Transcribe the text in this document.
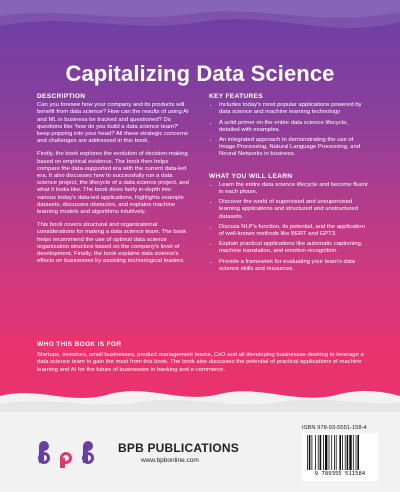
Capitalizing Data Science
DESCRIPTION

Can you foresee how your company and its products will benefit from data science? How can the results of using AI and ML in business be tracked and questioned? Do questions like 'how do you build a data science team?' keep popping into your head? All these strategic concerns and challenges are addressed in this book.

Firstly, the book explores the evolution of decision-making based on empirical evidence. The book then helps compare the data-supported era with the current data-led era. It also discusses how to successfully run a data science project, the lifecycle of a data science project, and what it looks like. The book dives fairly in-depth into various today's data-led applications, highlights example datasets, discusses obstacles, and explains machine learning models and algorithms intuitively.

This book covers structural and organizational considerations for making a data science team. The book helps recommend the use of optimal data science organization structure based on the company's level of development. Finally, the book explains data science's effects on businesses by assisting technological leaders.

KEY FEATURES
• Includes today's most popular applications powered by data science and machine learning technology
• A solid primer on the entire data science lifecycle, detailed with examples.
• An integrated approach to demonstrating the use of Image Processing, Natural Language Processing, and Neural Networks in business.
WHAT YOU WILL LEARN
• Learn the entire data science lifecycle and become fluent in each phase.
• Discover the world of supervised and unsupervised learning applications and structured and unstructured datasets.
• Discuss NLP's function, its potential, and the application of well-known methods like BERT and GPT3.
• Explain practical applications like automatic captioning, machine translation, and emotion recognition.
• Provide a framework for evaluating your team's data science skills and resources.
WHO THIS BOOK IS FOR
Startups, investors, small businesses, product management teams, CxO and all developing businesses desiring to leverage a data science team to gain the most from this book. The book also discusses the potential of practical applications of machine learning and AI for the future of businesses in banking and e-commerce.
BPB PUBLICATIONS
www.bpbonline.com
ISBN 978-93-5551-158-4
9 789355 511584
